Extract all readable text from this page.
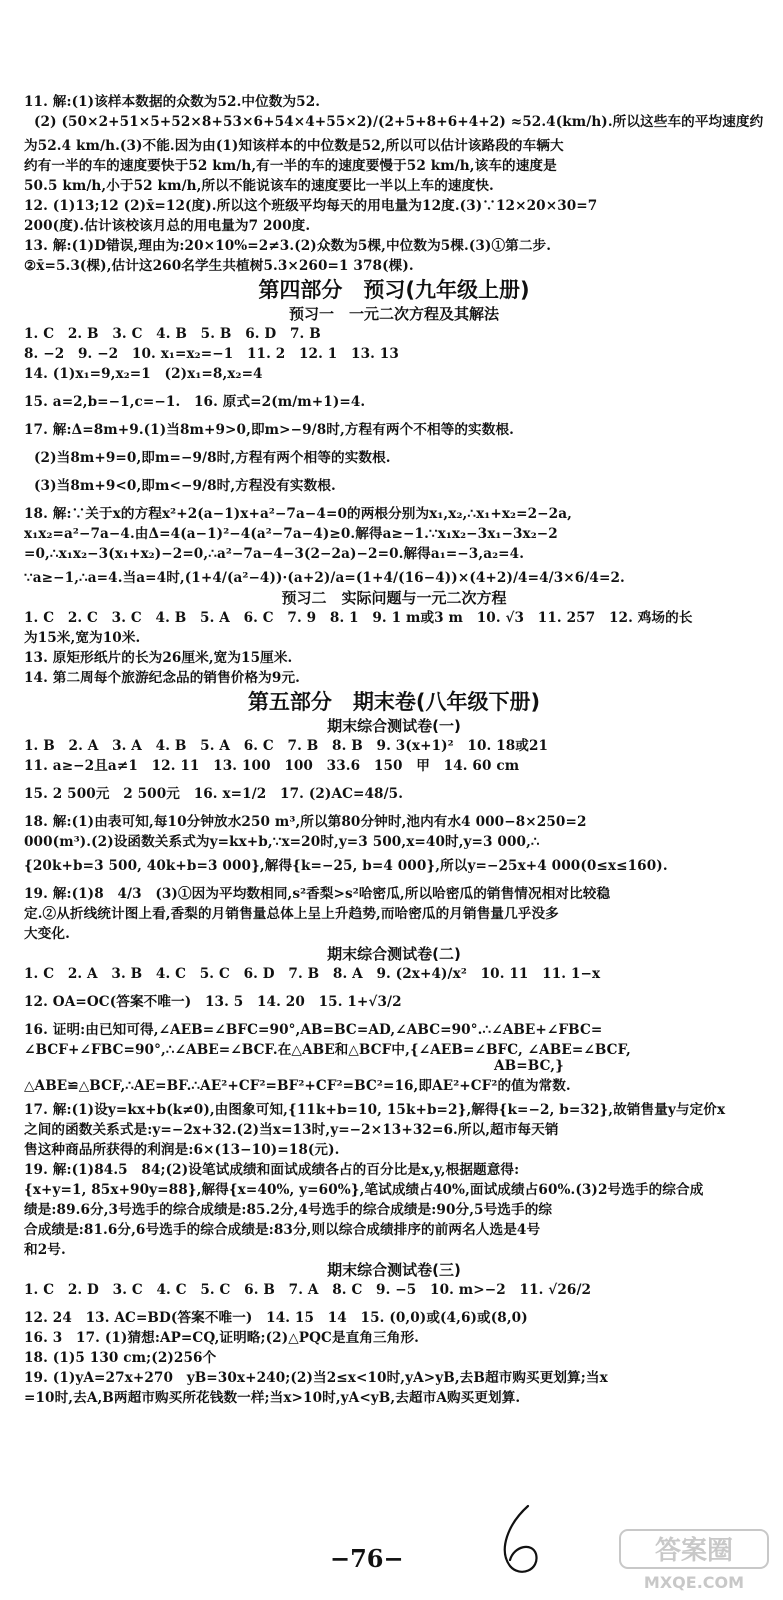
11. 解:(1)该样本数据的众数为52.中位数为52.
(2) (50×2+51×5+52×8+53×6+54×4+55×2)/(2+5+8+6+4+2) ≈52.4(km/h).所以这些车的平均速度约
为52.4 km/h.(3)不能.因为由(1)知该样本的中位数是52,所以可以估计该路段的车辆大
约有一半的车的速度要快于52 km/h,有一半的车的速度要慢于52 km/h,该车的速度是
50.5 km/h,小于52 km/h,所以不能说该车的速度要比一半以上车的速度快.
12. (1)13;12 (2)x̄=12(度).所以这个班级平均每天的用电量为12度.(3)∵12×20×30=7
200(度).估计该校该月总的用电量为7 200度.
13. 解:(1)D错误,理由为:20×10%=2≠3.(2)众数为5棵,中位数为5棵.(3)①第二步.
②x̄=5.3(棵),估计这260名学生共植树5.3×260=1 378(棵).
第四部分　预习(九年级上册)
预习一　一元二次方程及其解法
1. C　2. B　3. C　4. B　5. B　6. D　7. B
8. −2　9. −2　10. x₁=x₂=−1　11. 2　12. 1　13. 13
14. (1)x₁=9,x₂=1　(2)x₁=8,x₂=4
15. a=2,b=−1,c=−1.　16. 原式=2(m/m+1)=4.
17. 解:Δ=8m+9.(1)当8m+9>0,即m>−9/8时,方程有两个不相等的实数根.
(2)当8m+9=0,即m=−9/8时,方程有两个相等的实数根.
(3)当8m+9<0,即m<−9/8时,方程没有实数根.
18. 解:∵关于x的方程x²+2(a−1)x+a²−7a−4=0的两根分别为x₁,x₂,∴x₁+x₂=2−2a,
x₁x₂=a²−7a−4.由Δ=4(a−1)²−4(a²−7a−4)≥0.解得a≥−1.∵x₁x₂−3x₁−3x₂−2
=0,∴x₁x₂−3(x₁+x₂)−2=0,∴a²−7a−4−3(2−2a)−2=0.解得a₁=−3,a₂=4.
∵a≥−1,∴a=4.当a=4时,(1+4/(a²−4))·(a+2)/a=(1+4/(16−4))×(4+2)/4=4/3×6/4=2.
预习二　实际问题与一元二次方程
1. C　2. C　3. C　4. B　5. A　6. C　7. 9　8. 1　9. 1 m或3 m　10. √3　11. 257　12. 鸡场的长
为15米,宽为10米.
13. 原矩形纸片的长为26厘米,宽为15厘米.
14. 第二周每个旅游纪念品的销售价格为9元.
第五部分　期末卷(八年级下册)
期末综合测试卷(一)
1. B　2. A　3. A　4. B　5. A　6. C　7. B　8. B　9. 3(x+1)²　10. 18或21
11. a≥−2且a≠1　12. 11　13. 100　100　33.6　150　甲　14. 60 cm
15. 2 500元　2 500元　16. x=1/2　17. (2)AC=48/5.
18. 解:(1)由表可知,每10分钟放水250 m³,所以第80分钟时,池内有水4 000−8×250=2
000(m³).(2)设函数关系式为y=kx+b,∵x=20时,y=3 500,x=40时,y=3 000,∴
{20k+b=3 500, 40k+b=3 000},解得{k=−25, b=4 000},所以y=−25x+4 000(0≤x≤160).
19. 解:(1)8　4/3　(3)①因为平均数相同,s²香梨>s²哈密瓜,所以哈密瓜的销售情况相对比较稳
定.②从折线统计图上看,香梨的月销售量总体上呈上升趋势,而哈密瓜的月销售量几乎没多
大变化.
期末综合测试卷(二)
1. C　2. A　3. B　4. C　5. C　6. D　7. B　8. A　9. (2x+4)/x²　10. 11　11. 1−x
12. OA=OC(答案不唯一)　13. 5　14. 20　15. 1+√3/2
16. 证明:由已知可得,∠AEB=∠BFC=90°,AB=BC=AD,∠ABC=90°.∴∠ABE+∠FBC=
∠BCF+∠FBC=90°,∴∠ABE=∠BCF.在△ABE和△BCF中,{∠AEB=∠BFC, ∠ABE=∠BCF,
AB=BC,}
△ABE≌△BCF,∴AE=BF.∴AE²+CF²=BF²+CF²=BC²=16,即AE²+CF²的值为常数.
17. 解:(1)设y=kx+b(k≠0),由图象可知,{11k+b=10, 15k+b=2},解得{k=−2, b=32},故销售量y与定价x
之间的函数关系式是:y=−2x+32.(2)当x=13时,y=−2×13+32=6.所以,超市每天销
售这种商品所获得的利润是:6×(13−10)=18(元).
19. 解:(1)84.5　84;(2)设笔试成绩和面试成绩各占的百分比是x,y,根据题意得:
{x+y=1, 85x+90y=88},解得{x=40%, y=60%},笔试成绩占40%,面试成绩占60%.(3)2号选手的综合成
绩是:89.6分,3号选手的综合成绩是:85.2分,4号选手的综合成绩是:90分,5号选手的综
合成绩是:81.6分,6号选手的综合成绩是:83分,则以综合成绩排序的前两名人选是4号
和2号.
期末综合测试卷(三)
1. C　2. D　3. C　4. C　5. C　6. B　7. A　8. C　9. −5　10. m>−2　11. √26/2
12. 24　13. AC=BD(答案不唯一)　14. 15　14　15. (0,0)或(4,6)或(8,0)
16. 3　17. (1)猜想:AP=CQ,证明略;(2)△PQC是直角三角形.
18. (1)5 130 cm;(2)256个
19. (1)yA=27x+270　yB=30x+240;(2)当2≤x<10时,yA>yB,去B超市购买更划算;当x
=10时,去A,B两超市购买所花钱数一样;当x>10时,yA<yB,去超市A购买更划算.
−76−	答案圈
MXQE.COM
